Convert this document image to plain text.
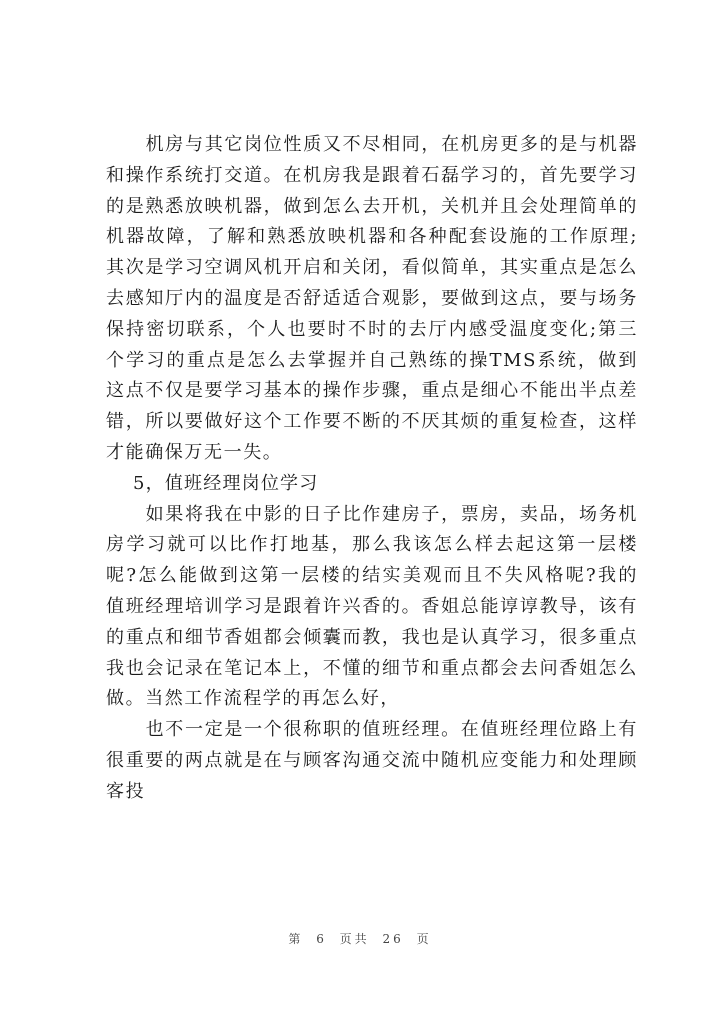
机房与其它岗位性质又不尽相同，在机房更多的是与机器和操作系统打交道。在机房我是跟着石磊学习的，首先要学习的是熟悉放映机器，做到怎么去开机，关机并且会处理简单的机器故障，了解和熟悉放映机器和各种配套设施的工作原理;其次是学习空调风机开启和关闭，看似简单，其实重点是怎么去感知厅内的温度是否舒适适合观影，要做到这点，要与场务保持密切联系，个人也要时不时的去厅内感受温度变化;第三个学习的重点是怎么去掌握并自己熟练的操TMS系统，做到这点不仅是要学习基本的操作步骤，重点是细心不能出半点差错，所以要做好这个工作要不断的不厌其烦的重复检查，这样才能确保万无一失。

5，值班经理岗位学习

如果将我在中影的日子比作建房子，票房，卖品，场务机房学习就可以比作打地基，那么我该怎么样去起这第一层楼呢?怎么能做到这第一层楼的结实美观而且不失风格呢?我的值班经理培训学习是跟着许兴香的。香姐总能谆谆教导，该有的重点和细节香姐都会倾囊而教，我也是认真学习，很多重点我也会记录在笔记本上，不懂的细节和重点都会去问香姐怎么做。当然工作流程学的再怎么好，

也不一定是一个很称职的值班经理。在值班经理位路上有很重要的两点就是在与顾客沟通交流中随机应变能力和处理顾客投

第 6 页共 26 页
